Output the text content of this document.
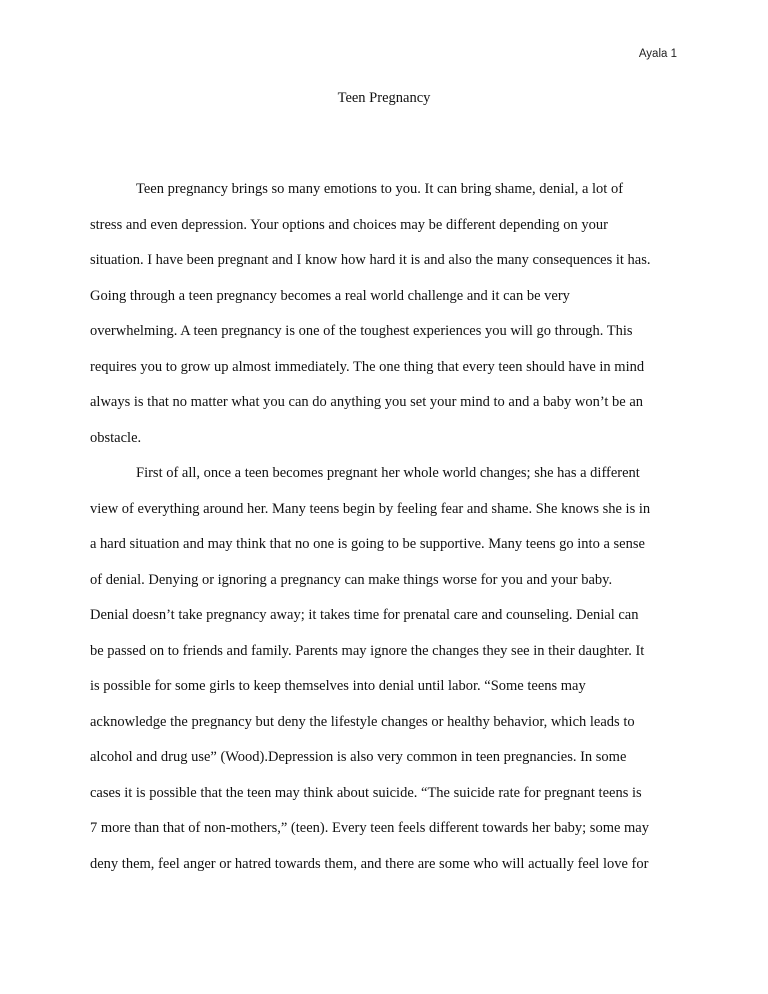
Ayala 1
Teen Pregnancy
Teen pregnancy brings so many emotions to you. It can bring shame, denial, a lot of
stress and even depression. Your options and choices may be different depending on your
situation. I have been pregnant and I know how hard it is and also the many consequences it has.
Going through a teen pregnancy becomes a real world challenge and it can be very
overwhelming. A teen pregnancy is one of the toughest experiences you will go through. This
requires you to grow up almost immediately. The one thing that every teen should have in mind
always is that no matter what you can do anything you set your mind to and a baby won’t be an
obstacle.
First of all, once a teen becomes pregnant her whole world changes; she has a different
view of everything around her. Many teens begin by feeling fear and shame. She knows she is in
a hard situation and may think that no one is going to be supportive. Many teens go into a sense
of denial. Denying or ignoring a pregnancy can make things worse for you and your baby.
Denial doesn’t take pregnancy away; it takes time for prenatal care and counseling. Denial can
be passed on to friends and family. Parents may ignore the changes they see in their daughter. It
is possible for some girls to keep themselves into denial until labor. “Some teens may
acknowledge the pregnancy but deny the lifestyle changes or healthy behavior, which leads to
alcohol and drug use” (Wood).Depression is also very common in teen pregnancies. In some
cases it is possible that the teen may think about suicide. “The suicide rate for pregnant teens is
7 more than that of non-mothers,” (teen). Every teen feels different towards her baby; some may
deny them, feel anger or hatred towards them, and there are some who will actually feel love for
